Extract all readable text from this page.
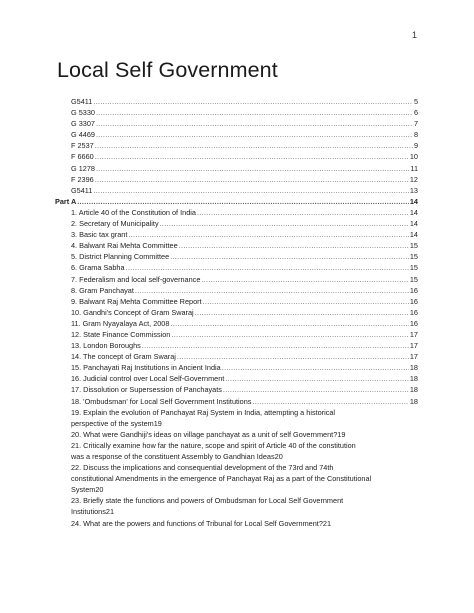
1
Local Self Government
G5411 .....	5
G 5330 .....	6
G 3307 .....	7
G 4469 .....	8
F 2537 .....	9
F 6660 .....	10
G 1278 .....	11
F 2396 .....	12
G5411 .....	13
Part A .....	14
1. Article 40 of the Constitution of India .....	14
2. Secretary of Municipality .....	14
3. Basic tax grant .....	14
4. Balwant Rai Mehta Committee .....	15
5. District Planning Committee .....	15
6. Grama Sabha .....	15
7. Federalism and local self-governance .....	15
8. Gram Panchayat .....	16
9. Balwant Raj Mehta Committee Report .....	16
10. Gandhi's Concept of Gram Swaraj .....	16
11. Gram Nyayalaya Act, 2008 .....	16
12. State Finance Commission .....	17
13. London Boroughs .....	17
14. The concept of Gram Swaraj .....	17
15. Panchayati Raj Institutions in Ancient India .....	18
16. Judicial control over Local Self-Government .....	18
17. Dissolution or Supersession of Panchayats .....	18
18. 'Ombudsman' for Local Self Government Institutions .....	18
19. Explain the evolution of Panchayat Raj System in India, attempting a historical
perspective of the system 19
20. What were Gandhiji's ideas on village panchayat as a unit of self Government? 19
21. Critically examine how far the nature, scope and spirit of Article 40 of the constitution
was a response of the constituent Assembly to Gandhian Ideas 20
22. Discuss the implications and consequential development of the 73rd and 74th
constitutional Amendments in the emergence of Panchayat Raj as a part of the Constitutional
System 20
23. Briefly state the functions and powers of Ombudsman for Local Self Government
Institutions 21
24. What are the powers and functions of Tribunal for Local Self Government? 21
